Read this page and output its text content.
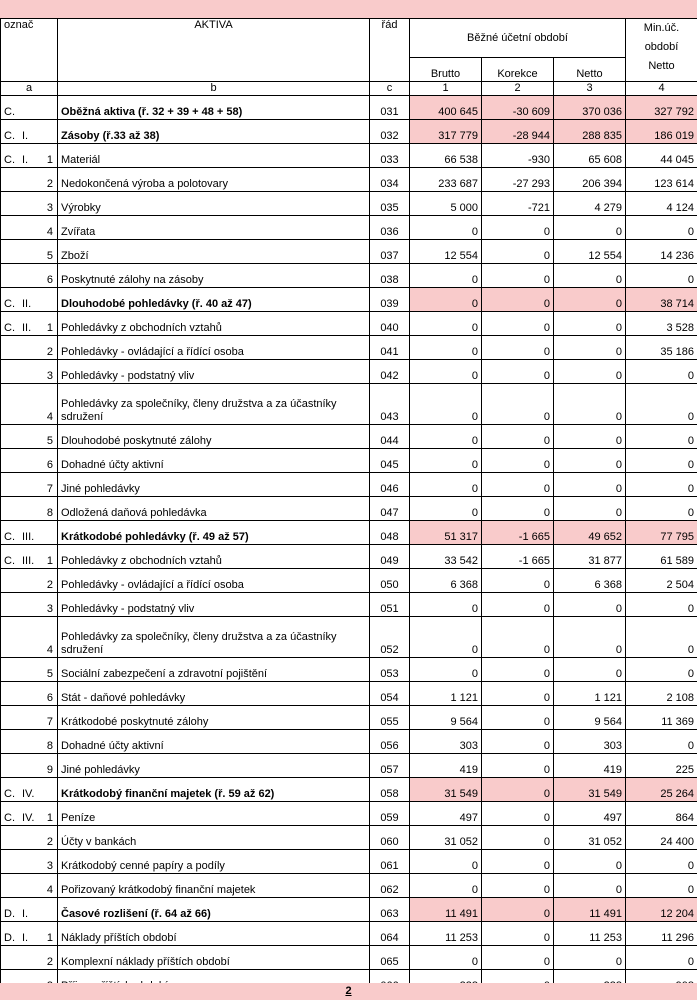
označ	AKTIVA	řád	Běžné účetní období			Min.úč.
období
Netto
			Brutto	Korekce	Netto	
a	b	c	1	2	3	4

C.	Oběžná aktiva (ř. 32 + 39 + 48 + 58)	031	400 645	-30 609	370 036	327 792

C. I.	Zásoby (ř.33 až 38)	032	317 779	-28 944	288 835	186 019

C. I. 1	Materiál	033	66 538	-930	65 608	44 045

2	Nedokončená výroba a polotovary	034	233 687	-27 293	206 394	123 614

3	Výrobky	035	5 000	-721	4 279	4 124

4	Zvířata	036	0	0	0	0

5	Zboží	037	12 554	0	12 554	14 236

6	Poskytnuté zálohy na zásoby	038	0	0	0	0

C. II.	Dlouhodobé pohledávky (ř. 40 až 47)	039	0	0	0	38 714

C. II. 1	Pohledávky z obchodních vztahů	040	0	0	0	3 528

2	Pohledávky - ovládající a řídící osoba	041	0	0	0	35 186

3	Pohledávky - podstatný vliv	042	0	0	0	0

4	Pohledávky za společníky, členy družstva a za účastníky sdružení	043	0	0	0	0

5	Dlouhodobé poskytnuté zálohy	044	0	0	0	0

6	Dohadné účty aktivní	045	0	0	0	0

7	Jiné pohledávky	046	0	0	0	0

8	Odložená daňová pohledávka	047	0	0	0	0

C. III.	Krátkodobé pohledávky (ř. 49 až 57)	048	51 317	-1 665	49 652	77 795

C. III. 1	Pohledávky z obchodních vztahů	049	33 542	-1 665	31 877	61 589

2	Pohledávky - ovládající a řídící osoba	050	6 368	0	6 368	2 504

3	Pohledávky - podstatný vliv	051	0	0	0	0

4	Pohledávky za společníky, členy družstva a za účastníky sdružení	052	0	0	0	0

5	Sociální zabezpečení a zdravotní pojištění	053	0	0	0	0

6	Stát - daňové pohledávky	054	1 121	0	1 121	2 108

7	Krátkodobé poskytnuté zálohy	055	9 564	0	9 564	11 369

8	Dohadné účty aktivní	056	303	0	303	0

9	Jiné pohledávky	057	419	0	419	225

C. IV.	Krátkodobý finanční majetek (ř. 59 až 62)	058	31 549	0	31 549	25 264

C. IV. 1	Peníze	059	497	0	497	864

2	Účty v bankách	060	31 052	0	31 052	24 400

3	Krátkodobý cenné papíry a podíly	061	0	0	0	0

4	Pořizovaný krátkodobý finanční majetek	062	0	0	0	0

D. I.	Časové rozlišení (ř. 64 až 66)	063	11 491	0	11 491	12 204

D. I. 1	Náklady příštích období	064	11 253	0	11 253	11 296

2	Komplexní náklady příštích období	065	0	0	0	0

2
